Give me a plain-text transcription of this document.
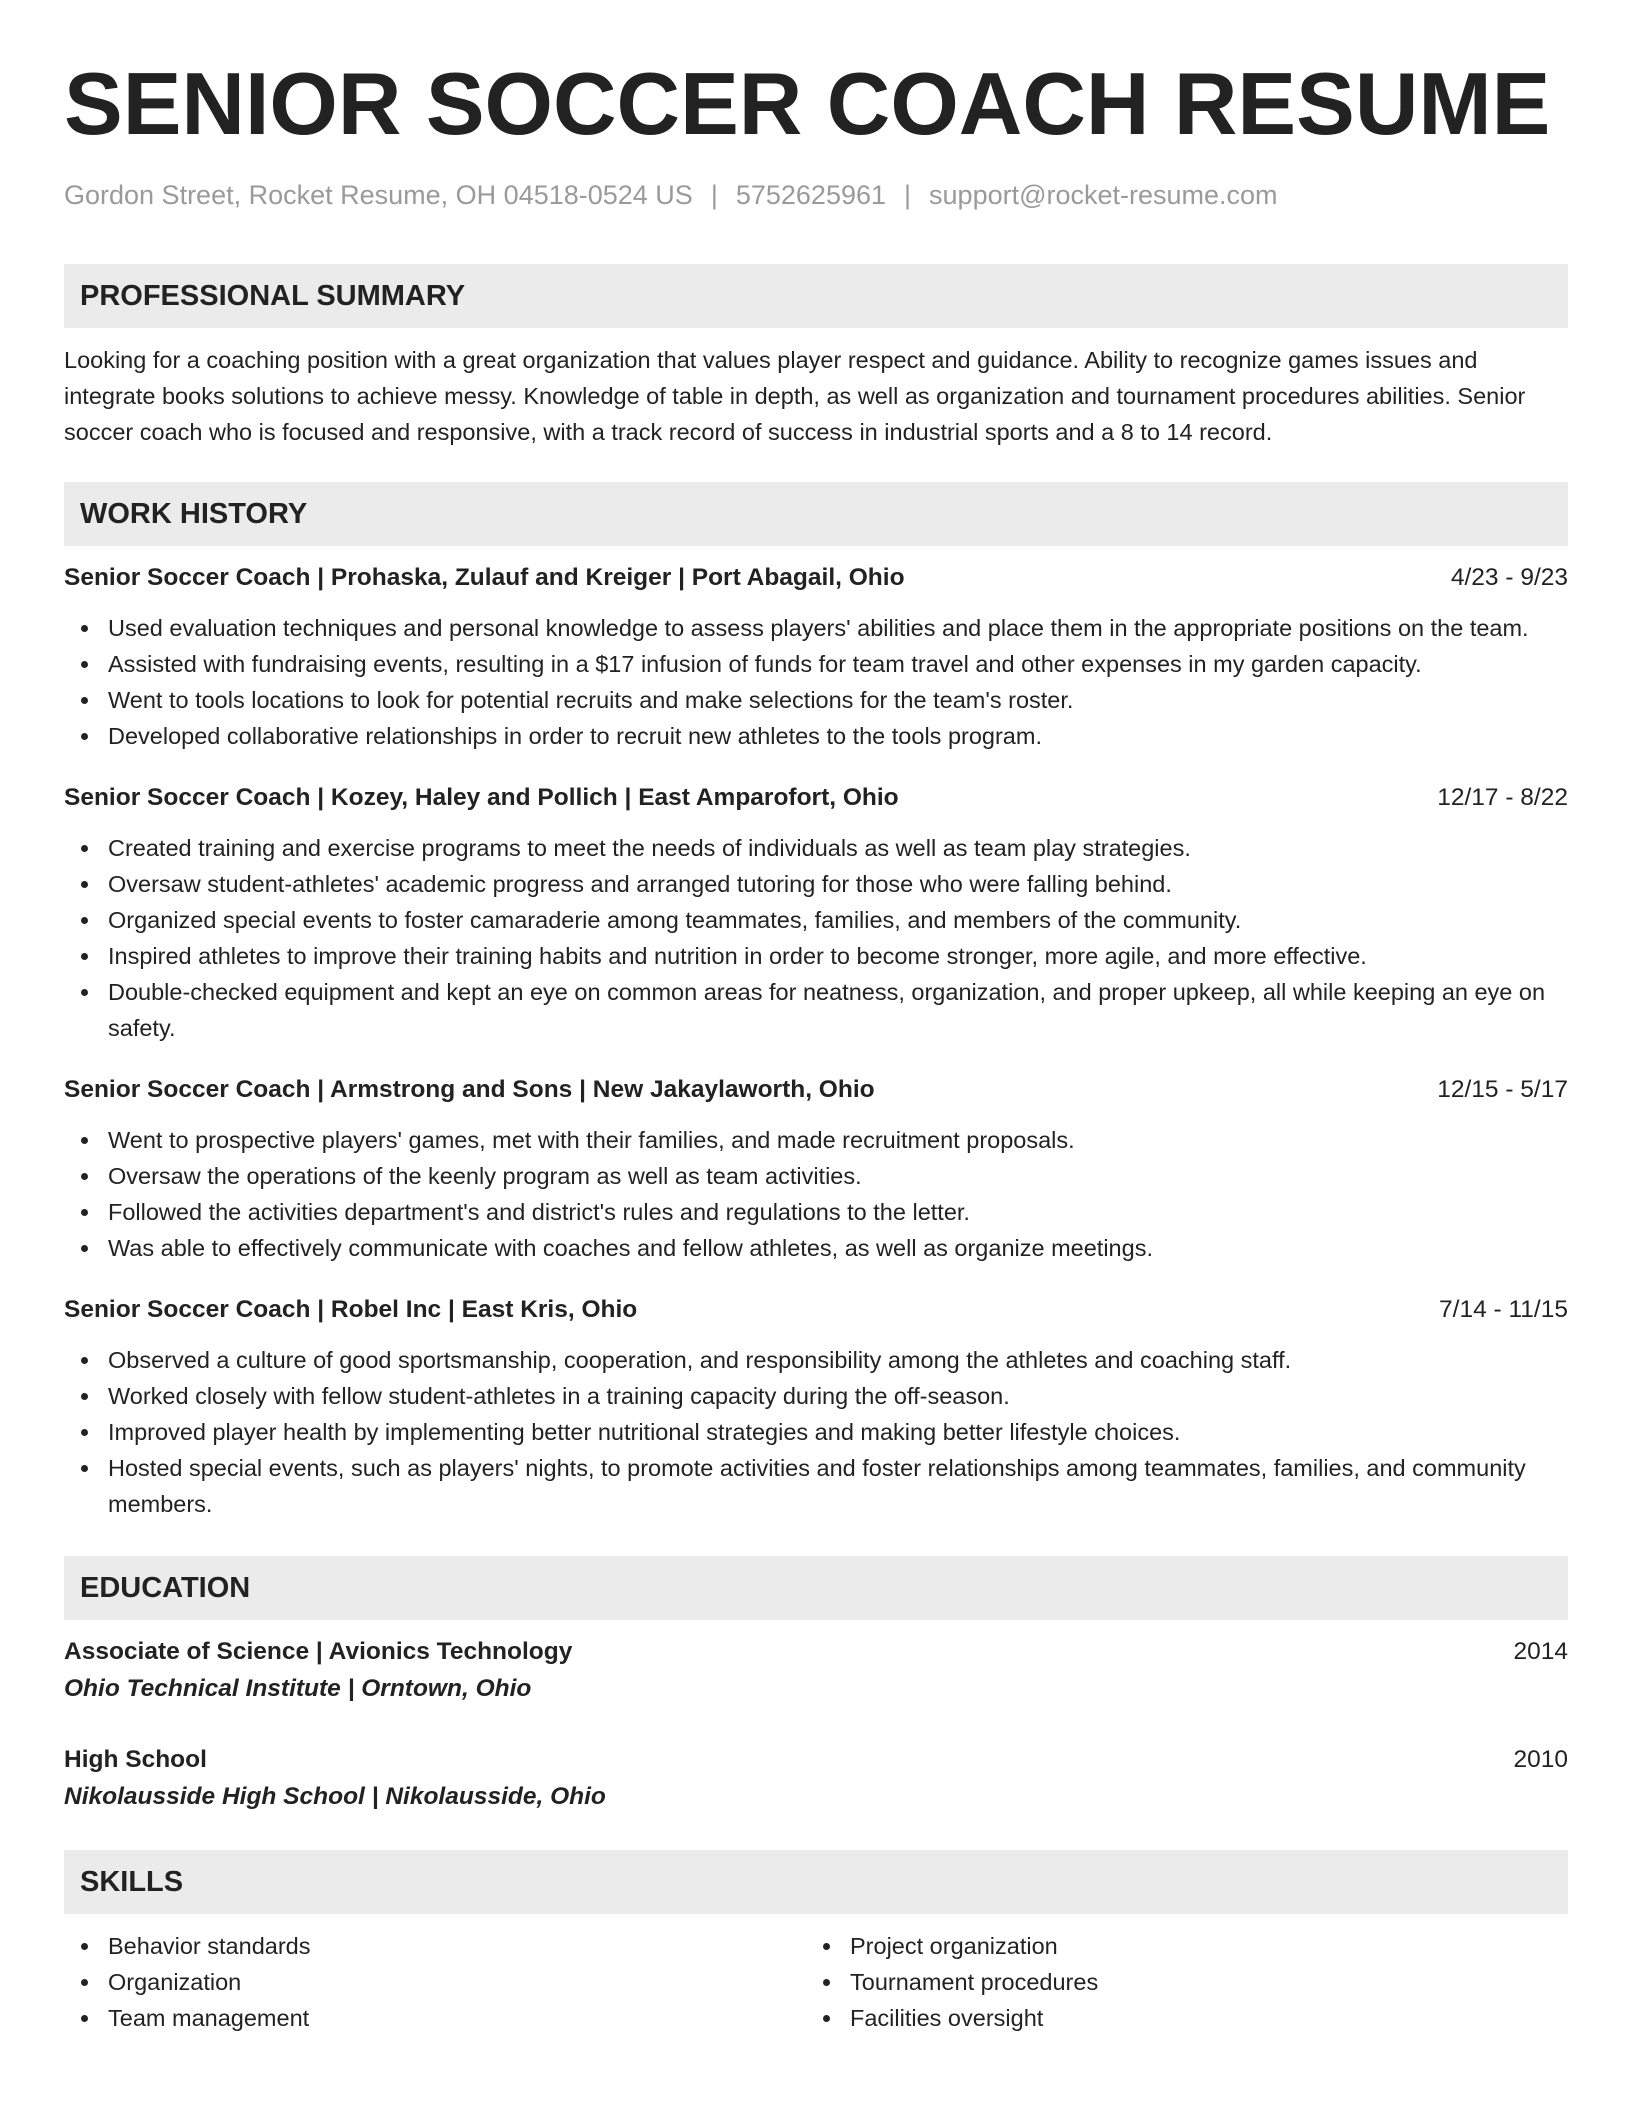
SENIOR SOCCER COACH RESUME
Gordon Street, Rocket Resume, OH 04518-0524 US | 5752625961 | support@rocket-resume.com
PROFESSIONAL SUMMARY

Looking for a coaching position with a great organization that values player respect and guidance. Ability to recognize games issues and integrate books solutions to achieve messy. Knowledge of table in depth, as well as organization and tournament procedures abilities. Senior soccer coach who is focused and responsive, with a track record of success in industrial sports and a 8 to 14 record.

WORK HISTORY
Senior Soccer Coach | Prohaska, Zulauf and Kreiger | Port Abagail, Ohio	4/23 - 9/23
Used evaluation techniques and personal knowledge to assess players' abilities and place them in the appropriate positions on the team.
Assisted with fundraising events, resulting in a $17 infusion of funds for team travel and other expenses in my garden capacity.
Went to tools locations to look for potential recruits and make selections for the team's roster.
Developed collaborative relationships in order to recruit new athletes to the tools program.
Senior Soccer Coach | Kozey, Haley and Pollich | East Amparofort, Ohio	12/17 - 8/22
Created training and exercise programs to meet the needs of individuals as well as team play strategies.
Oversaw student-athletes' academic progress and arranged tutoring for those who were falling behind.
Organized special events to foster camaraderie among teammates, families, and members of the community.
Inspired athletes to improve their training habits and nutrition in order to become stronger, more agile, and more effective.
Double-checked equipment and kept an eye on common areas for neatness, organization, and proper upkeep, all while keeping an eye on safety.
Senior Soccer Coach | Armstrong and Sons | New Jakaylaworth, Ohio	12/15 - 5/17
Went to prospective players' games, met with their families, and made recruitment proposals.
Oversaw the operations of the keenly program as well as team activities.
Followed the activities department's and district's rules and regulations to the letter.
Was able to effectively communicate with coaches and fellow athletes, as well as organize meetings.
Senior Soccer Coach | Robel Inc | East Kris, Ohio	7/14 - 11/15
Observed a culture of good sportsmanship, cooperation, and responsibility among the athletes and coaching staff.
Worked closely with fellow student-athletes in a training capacity during the off-season.
Improved player health by implementing better nutritional strategies and making better lifestyle choices.
Hosted special events, such as players' nights, to promote activities and foster relationships among teammates, families, and community members.
EDUCATION
Associate of Science | Avionics Technology	2014
Ohio Technical Institute | Orntown, Ohio
High School	2010
Nikolausside High School | Nikolausside, Ohio
SKILLS
Behavior standards
Organization
Team management
Project organization
Tournament procedures
Facilities oversight
